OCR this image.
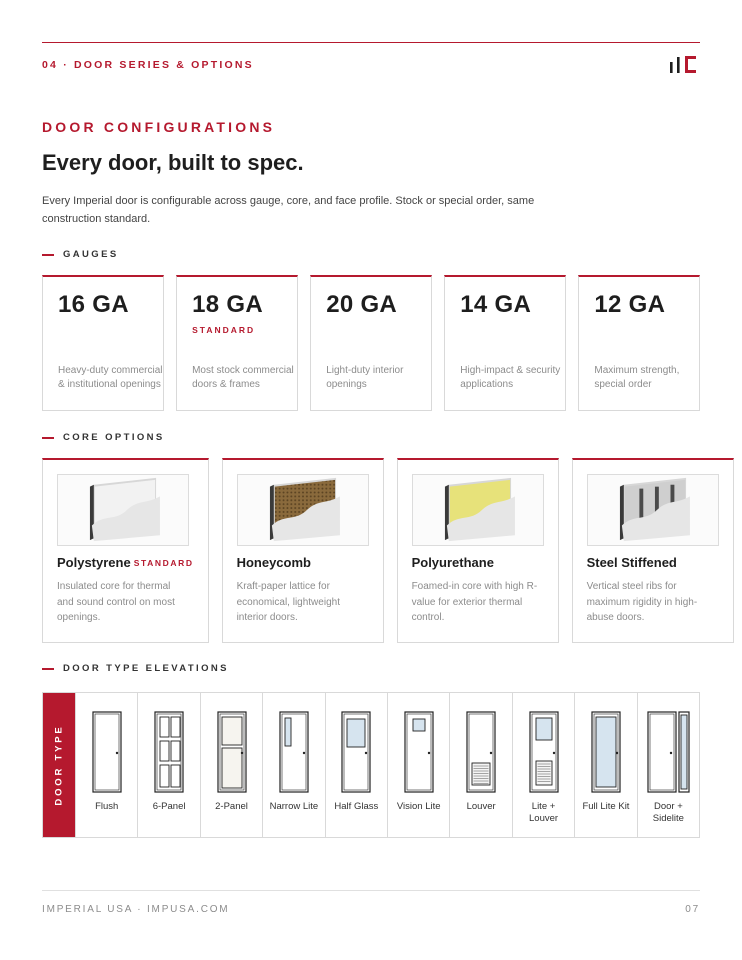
04 · DOOR SERIES & OPTIONS
DOOR CONFIGURATIONS
Every door, built to spec.

Every Imperial door is configurable across gauge, core, and face profile. Stock or special order, same construction standard.

GAUGES
16 GA
Heavy-duty commercial & institutional openings
18 GA
STANDARD
Most stock commercial doors & frames
20 GA
Light-duty interior openings
14 GA
High-impact & security applications
12 GA
Maximum strength, special order
CORE OPTIONS
Polystyrene STANDARD
Insulated core for thermal and sound control on most openings.
Honeycomb
Kraft-paper lattice for economical, lightweight interior doors.
Polyurethane
Foamed-in core with high R-value for exterior thermal control.
Steel Stiffened
Vertical steel ribs for maximum rigidity in high-abuse doors.
DOOR TYPE ELEVATIONS
DOOR TYPE
Flush	6-Panel	2-Panel	Narrow Lite	Half Glass	Vision Lite	Louver	Lite +
Louver
Full Lite Kit	Door +
Sidelite
IMPERIAL USA · IMPUSA.COM	07
